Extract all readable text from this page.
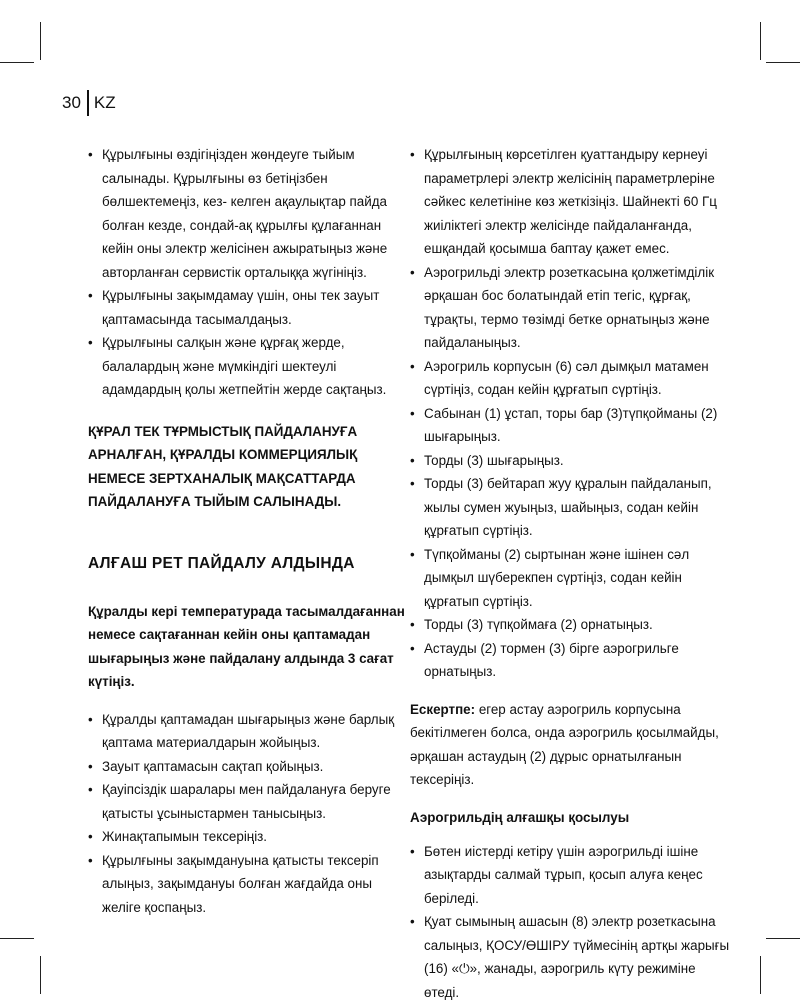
30 KZ
• Құрылғыны өздігіңізден жөндеуге тыйым салынады. Құрылғыны өз бетіңізбен бөлшектемеңіз, кез- келген ақаулықтар пайда болған кезде, сондай-ақ құрылғы құлағаннан кейін оны электр желісінен ажыратыңыз және авторланған сервистік орталыққа жүгініңіз.
• Құрылғыны зақымдамау үшін, оны тек зауыт қаптамасында тасымалдаңыз.
• Құрылғыны салқын және құрғақ жерде, балалардың және мүмкіндігі шектеулі адамдардың қолы жетпейтін жерде сақтаңыз.

ҚҰРАЛ ТЕК ТҰРМЫСТЫҚ ПАЙДАЛАНУҒА АРНАЛҒАН, ҚҰРАЛДЫ КОММЕРЦИЯЛЫҚ НЕМЕСЕ ЗЕРТХАНАЛЫҚ МАҚСАТТАРДА ПАЙДАЛАНУҒА ТЫЙЫМ САЛЫНАДЫ.

АЛҒАШ РЕТ ПАЙДАЛУ АЛДЫНДА

Құралды кері температурада тасымалдағаннан немесе сақтағаннан кейін оны қаптамадан шығарыңыз және пайдалану алдында 3 сағат күтіңіз.

• Құралды қаптамадан шығарыңыз және барлық қаптама материалдарын жойыңыз.
• Зауыт қаптамасын сақтап қойыңыз.
• Қауіпсіздік шаралары мен пайдалануға беруге қатысты ұсыныстармен танысыңыз.
• Жинақтапымын тексеріңіз.
• Құрылғыны зақымдануына қатысты тексеріп алыңыз, зақымдануы болған жағдайда оны желіге қоспаңыз.
• Құрылғының көрсетілген қуаттандыру кернеуі параметрлері электр желісінің параметрлеріне сәйкес келетініне көз жеткізіңіз. Шайнекті 60 Гц жиіліктегі электр желісінде пайдаланғанда, ешқандай қосымша баптау қажет емес.
• Аэрогрильді электр розеткасына қолжетімділік әрқашан бос болатындай етіп тегіс, құрғақ, тұрақты, термо төзімді бетке орнатыңыз және пайдаланыңыз.
• Аэрогриль корпусын (6) сәл дымқыл матамен сүртіңіз, содан кейін құрғатып сүртіңіз.
• Сабынан (1) ұстап, торы бар (3)түпқойманы (2) шығарыңыз.
• Торды (3) шығарыңыз.
• Торды (3) бейтарап жуу құралын пайдаланып, жылы сумен жуыңыз, шайыңыз, содан кейін құрғатып сүртіңіз.
• Түпқойманы (2) сыртынан және ішінен сәл дымқыл шүберекпен сүртіңіз, содан кейін құрғатып сүртіңіз.
• Торды (3) түпқоймаға (2) орнатыңыз.
• Астауды (2) тормен (3) бірге аэрогрильге орнатыңыз.

Ескертпе: егер астау аэрогриль корпусына бекітілмеген болса, онда аэрогриль қосылмайды, әрқашан астаудың (2) дұрыс орнатылғанын тексеріңіз.

Аэрогрильдің алғашқы қосылуы

• Бөтен иістерді кетіру үшін аэрогрильді ішіне азықтарды салмай тұрып, қосып алуға кеңес беріледі.
• Қуат сымының ашасын (8) электр розеткасына салыңыз, ҚОСУ/ӨШІРУ түймесінің артқы жарығы (16) «⏻», жанады, аэрогриль күту режиміне өтеді.
